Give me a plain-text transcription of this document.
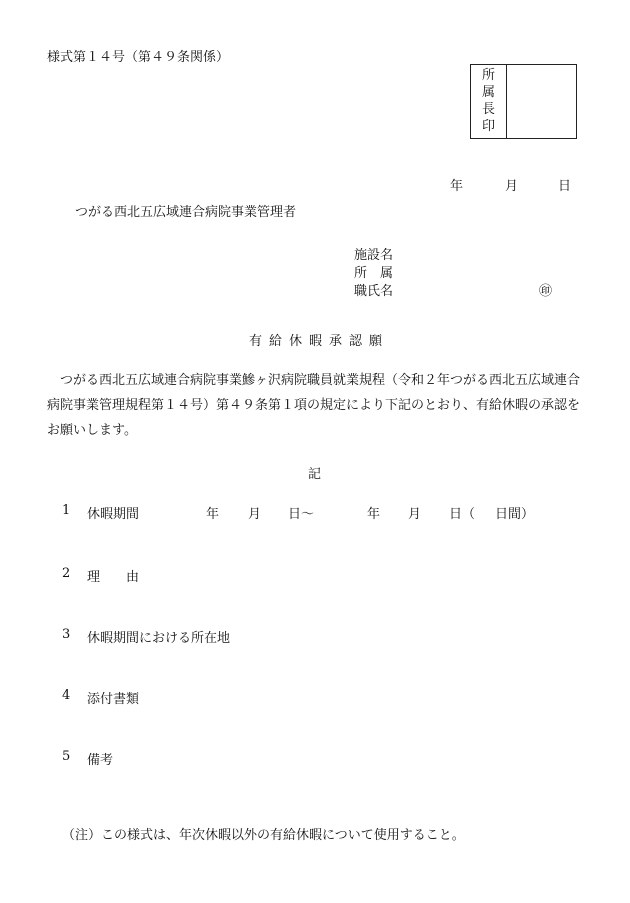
様式第１４号（第４９条関係）
所
属
長
印
年	月	日
つがる西北五広域連合病院事業管理者
施設名
所　属
職氏名	㊞
有給休暇承認願
つがる西北五広域連合病院事業鰺ヶ沢病院職員就業規程（令和２年つがる西北五広域連合病院事業管理規程第１４号）第４９条第１項の規定により下記のとおり、有給休暇の承認をお願いします。
記
1 休暇期間	年 月 日～	年 月 日（ 日間）
2 理　　由
3 休暇期間における所在地
4 添付書類
5 備考
（注）この様式は、年次休暇以外の有給休暇について使用すること。
